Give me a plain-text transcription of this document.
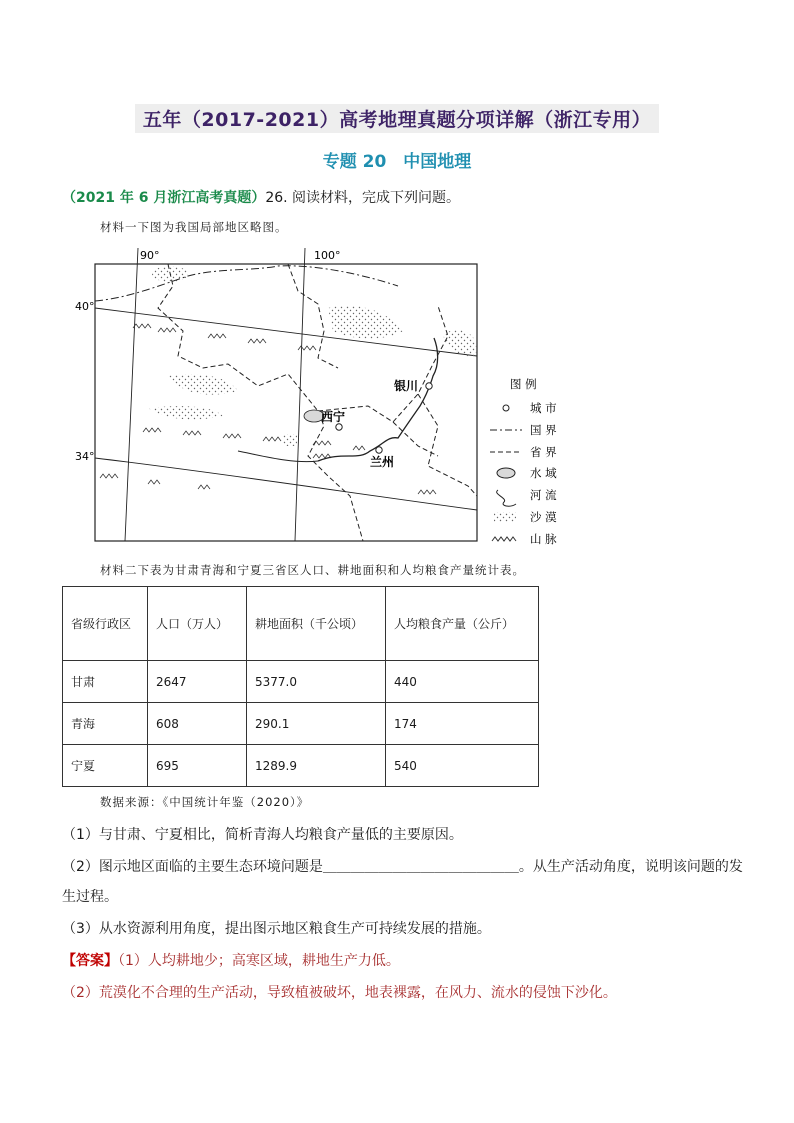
五年（2017-2021）高考地理真题分项详解（浙江专用）
专题 20　中国地理
（2021 年 6 月浙江高考真题）26. 阅读材料，完成下列问题。
材料一下图为我国局部地区略图。
银川
西宁
兰州
90°	100°
40°
34°
图 例
城 市
国 界
省 界
水 域
河 流
沙 漠
山 脉
材料二下表为甘肃青海和宁夏三省区人口、耕地面积和人均粮食产量统计表。
省级行政区	人口（万人）	耕地面积（千公顷）	人均粮食产量（公斤）
甘肃	2647	5377.0	440
青海	608	290.1	174
宁夏	695	1289.9	540
数据来源：《中国统计年鉴（2020）》
（1）与甘肃、宁夏相比，简析青海人均粮食产量低的主要原因。
（2）图示地区面临的主要生态环境问题是＿＿＿＿＿＿＿＿＿＿＿＿＿＿。从生产活动角度，说明该问题的发
生过程。
（3）从水资源利用角度，提出图示地区粮食生产可持续发展的措施。
【答案】（1）人均耕地少；高寒区域，耕地生产力低。
（2）荒漠化不合理的生产活动，导致植被破坏，地表裸露，在风力、流水的侵蚀下沙化。
